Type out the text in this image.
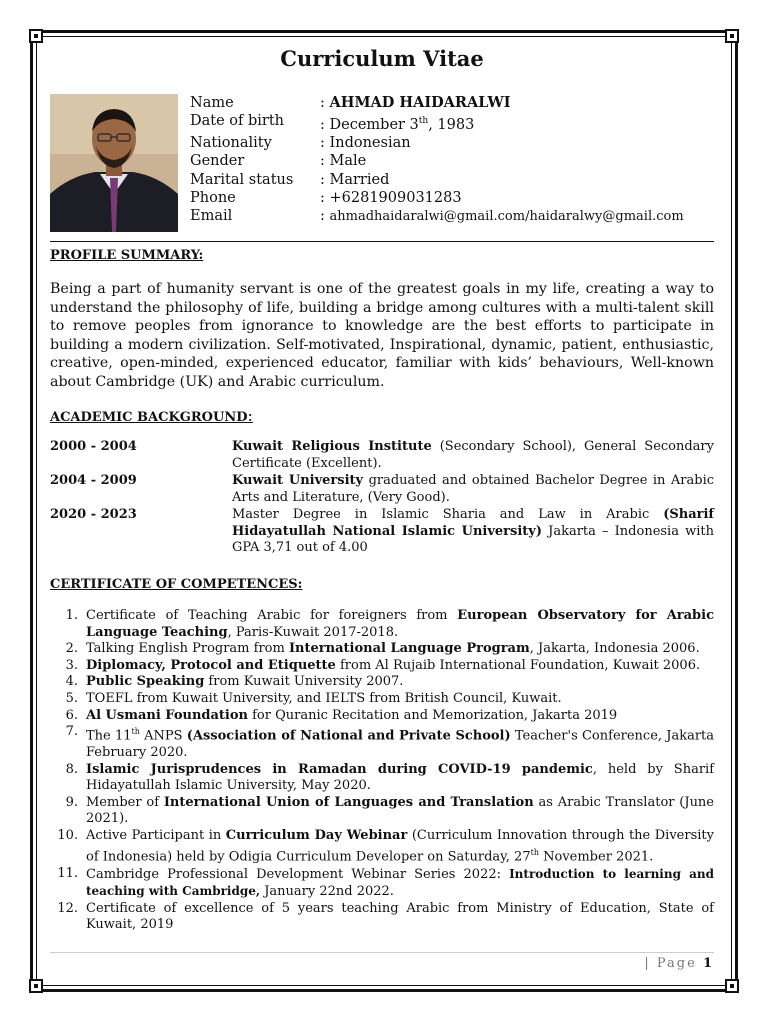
Curriculum Vitae
Name	: AHMAD HAIDARALWI
Date of birth	: December 3th, 1983
Nationality	: Indonesian
Gender	: Male
Marital status	: Married
Phone	: +6281909031283
Email	: ahmadhaidaralwi@gmail.com/haidaralwy@gmail.com
PROFILE SUMMARY:

Being a part of humanity servant is one of the greatest goals in my life, creating a way to understand the philosophy of life, building a bridge among cultures with a multi-talent skill to remove peoples from ignorance to knowledge are the best efforts to participate in building a modern civilization. Self-motivated, Inspirational, dynamic, patient, enthusiastic, creative, open-minded, experienced educator, familiar with kids’ behaviours, Well-known about Cambridge (UK) and Arabic curriculum.

ACADEMIC BACKGROUND:
2000 - 2004	Kuwait Religious Institute (Secondary School), General Secondary Certificate (Excellent).
2004 - 2009	Kuwait University graduated and obtained Bachelor Degree in Arabic Arts and Literature, (Very Good).
2020 - 2023	Master Degree in Islamic Sharia and Law in Arabic (Sharif Hidayatullah National Islamic University) Jakarta – Indonesia with GPA 3,71 out of 4.00
CERTIFICATE OF COMPETENCES:
1. Certificate of Teaching Arabic for foreigners from European Observatory for Arabic Language Teaching, Paris-Kuwait 2017-2018.
2. Talking English Program from International Language Program, Jakarta, Indonesia 2006.
3. Diplomacy, Protocol and Etiquette from Al Rujaib International Foundation, Kuwait 2006.
4. Public Speaking from Kuwait University 2007.
5. TOEFL from Kuwait University, and IELTS from British Council, Kuwait.
6. Al Usmani Foundation for Quranic Recitation and Memorization, Jakarta 2019
7. The 11th ANPS (Association of National and Private School) Teacher's Conference, Jakarta February 2020.
8. Islamic Jurisprudences in Ramadan during COVID-19 pandemic, held by Sharif Hidayatullah Islamic University, May 2020.
9. Member of International Union of Languages and Translation as Arabic Translator (June 2021).
10. Active Participant in Curriculum Day Webinar (Curriculum Innovation through the Diversity of Indonesia) held by Odigia Curriculum Developer on Saturday, 27th November 2021.
11. Cambridge Professional Development Webinar Series 2022: Introduction to learning and teaching with Cambridge, January 22nd 2022.
12. Certificate of excellence of 5 years teaching Arabic from Ministry of Education, State of Kuwait, 2019
| Page 1
